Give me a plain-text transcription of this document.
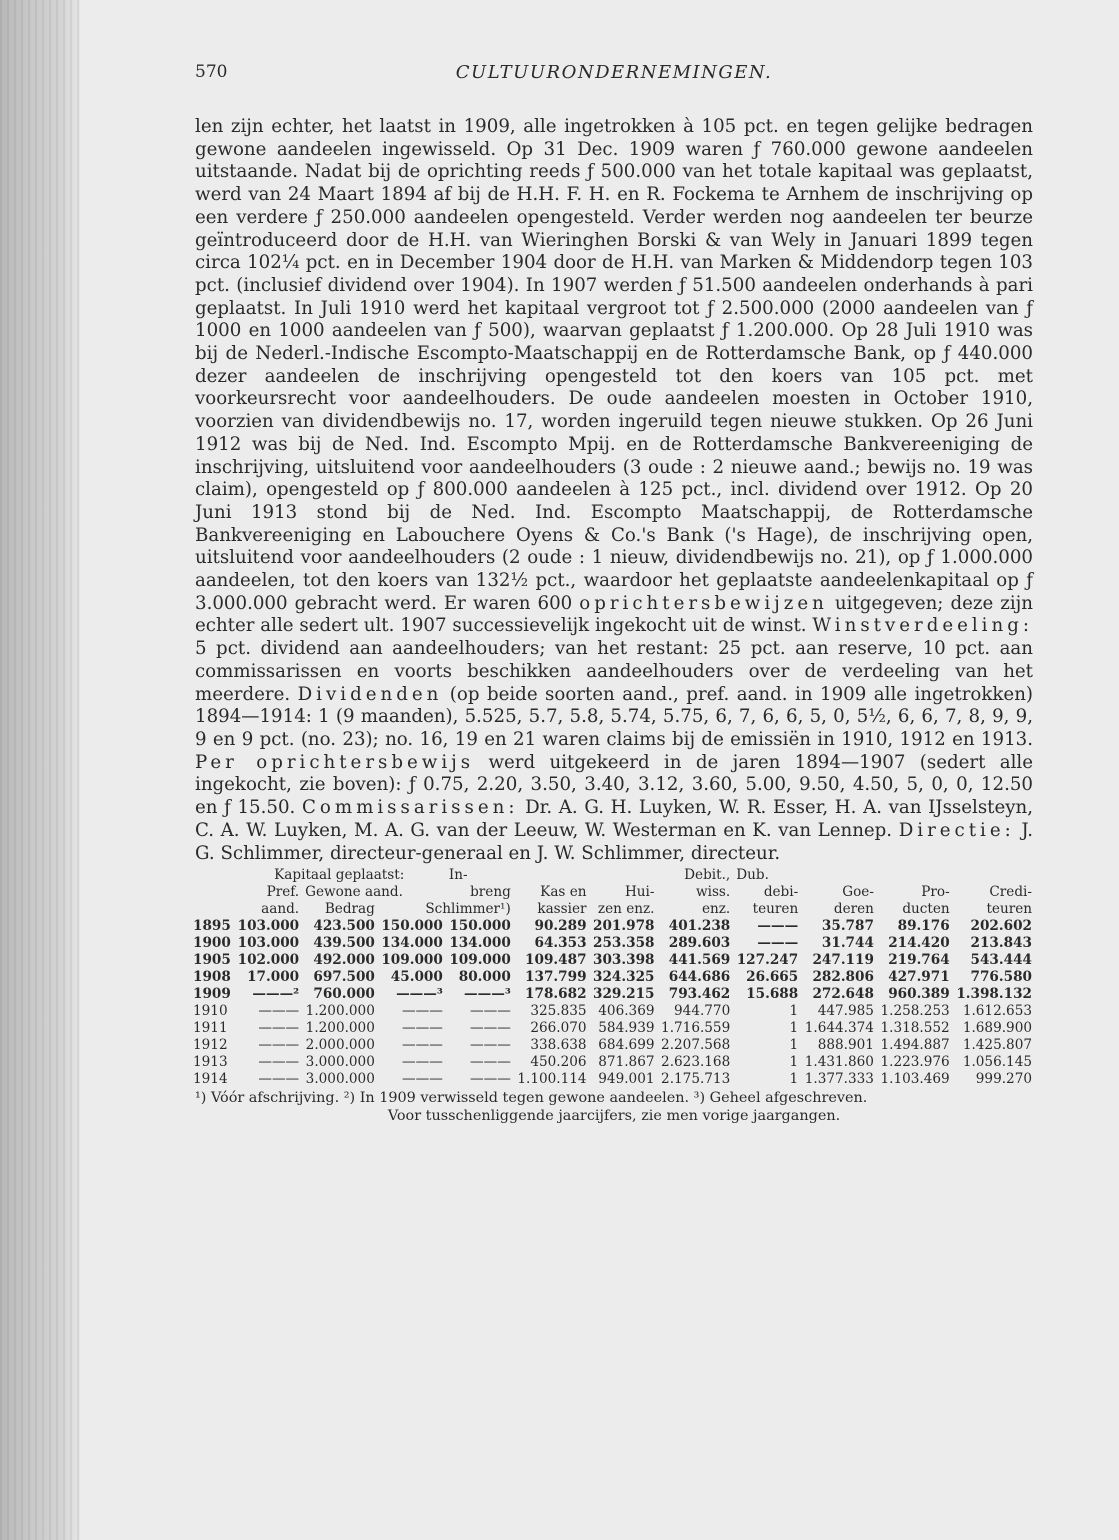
570	CULTUURONDERNEMINGEN.

len zijn echter, het laatst in 1909, alle ingetrokken à 105 pct. en tegen gelijke bedragen gewone aandeelen ingewisseld. Op 31 Dec. 1909 waren ƒ 760.000 gewone aandeelen uitstaande. Nadat bij de oprichting reeds ƒ 500.000 van het totale kapitaal was geplaatst, werd van 24 Maart 1894 af bij de H.H. F. H. en R. Fockema te Arnhem de inschrijving op een verdere ƒ 250.000 aandeelen opengesteld. Verder werden nog aandeelen ter beurze geïntroduceerd door de H.H. van Wieringhen Borski & van Wely in Januari 1899 tegen circa 102¼ pct. en in December 1904 door de H.H. van Marken & Middendorp tegen 103 pct. (inclusief dividend over 1904). In 1907 werden ƒ 51.500 aandeelen onderhands à pari geplaatst. In Juli 1910 werd het kapitaal vergroot tot ƒ 2.500.000 (2000 aandeelen van ƒ 1000 en 1000 aandeelen van ƒ 500), waarvan geplaatst ƒ 1.200.000. Op 28 Juli 1910 was bij de Nederl.-Indische Escompto-Maatschappij en de Rotterdamsche Bank, op ƒ 440.000 dezer aandeelen de inschrijving opengesteld tot den koers van 105 pct. met voorkeursrecht voor aandeelhouders. De oude aandeelen moesten in October 1910, voorzien van dividendbewijs no. 17, worden ingeruild tegen nieuwe stukken. Op 26 Juni 1912 was bij de Ned. Ind. Escompto Mpij. en de Rotterdamsche Bankvereeniging de inschrijving, uitsluitend voor aandeelhouders (3 oude : 2 nieuwe aand.; bewijs no. 19 was claim), opengesteld op ƒ 800.000 aandeelen à 125 pct., incl. dividend over 1912. Op 20 Juni 1913 stond bij de Ned. Ind. Escompto Maatschappij, de Rotterdamsche Bankvereeniging en Labouchere Oyens & Co.'s Bank ('s Hage), de inschrijving open, uitsluitend voor aandeelhouders (2 oude : 1 nieuw, dividendbewijs no. 21), op ƒ 1.000.000 aandeelen, tot den koers van 132½ pct., waardoor het geplaatste aandeelenkapitaal op ƒ 3.000.000 gebracht werd. Er waren 600 oprichtersbewijzen uitgegeven; deze zijn echter alle sedert ult. 1907 successievelijk ingekocht uit de winst. Winstverdeeling: 5 pct. dividend aan aandeelhouders; van het restant: 25 pct. aan reserve, 10 pct. aan commissarissen en voorts beschikken aandeelhouders over de verdeeling van het meerdere. Dividenden (op beide soorten aand., pref. aand. in 1909 alle ingetrokken) 1894—1914: 1 (9 maanden), 5.525, 5.7, 5.8, 5.74, 5.75, 6, 7, 6, 6, 5, 0, 5½, 6, 6, 7, 8, 9, 9, 9 en 9 pct. (no. 23); no. 16, 19 en 21 waren claims bij de emissiën in 1910, 1912 en 1913. Per oprichtersbewijs werd uitgekeerd in de jaren 1894—1907 (sedert alle ingekocht, zie boven): ƒ 0.75, 2.20, 3.50, 3.40, 3.12, 3.60, 5.00, 9.50, 4.50, 5, 0, 0, 12.50 en ƒ 15.50. Commissarissen: Dr. A. G. H. Luyken, W. R. Esser, H. A. van IJsselsteyn, C. A. W. Luyken, M. A. G. van der Leeuw, W. Westerman en K. van Lennep. Directie: J. G. Schlimmer, directeur-generaal en J. W. Schlimmer, directeur.

	Kapitaal geplaatst:			In-			Debit.,	Dub.			
	Pref.	Gewone aand.		breng	Kas en	Hui-	wiss.	debi-	Goe-	Pro-	Credi-
	aand.	Bedrag	Schlimmer¹)		kassier	zen enz.	enz.	teuren	deren	ducten	teuren
1895	103.000	423.500	150.000	150.000	90.289	201.978	401.238	———	35.787	89.176	202.602
1900	103.000	439.500	134.000	134.000	64.353	253.358	289.603	———	31.744	214.420	213.843
1905	102.000	492.000	109.000	109.000	109.487	303.398	441.569	127.247	247.119	219.764	543.444
1908	17.000	697.500	45.000	80.000	137.799	324.325	644.686	26.665	282.806	427.971	776.580
1909	———²	760.000	———³	———³	178.682	329.215	793.462	15.688	272.648	960.389	1.398.132
1910	———	1.200.000	———	———	325.835	406.369	944.770	1	447.985	1.258.253	1.612.653
1911	———	1.200.000	———	———	266.070	584.939	1.716.559	1	1.644.374	1.318.552	1.689.900
1912	———	2.000.000	———	———	338.638	684.699	2.207.568	1	888.901	1.494.887	1.425.807
1913	———	3.000.000	———	———	450.206	871.867	2.623.168	1	1.431.860	1.223.976	1.056.145
1914	———	3.000.000	———	———	1.100.114	949.001	2.175.713	1	1.377.333	1.103.469	999.270
¹) Vóór afschrijving. ²) In 1909 verwisseld tegen gewone aandeelen. ³) Geheel afgeschreven.
Voor tusschenliggende jaarcijfers, zie men vorige jaargangen.
